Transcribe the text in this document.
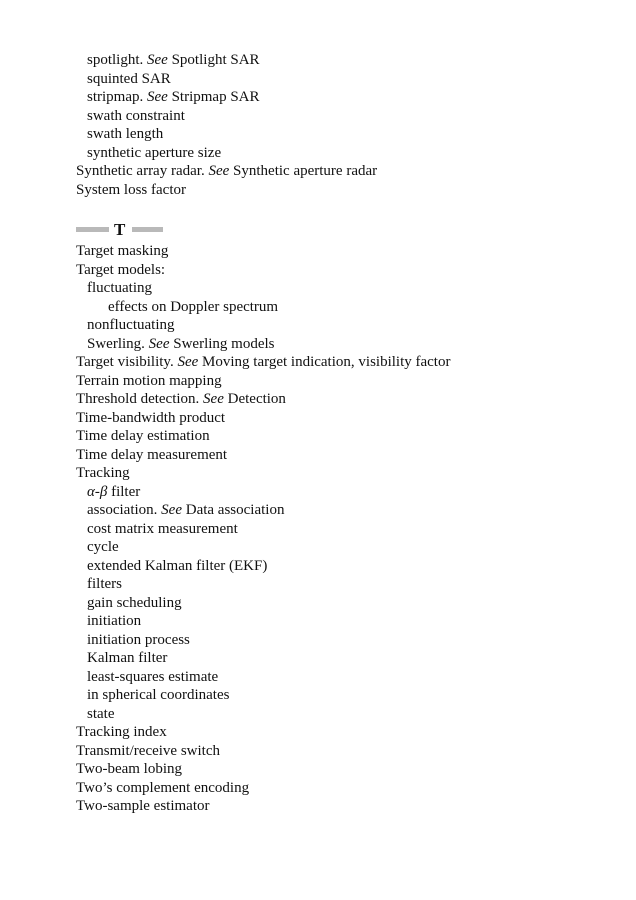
spotlight. See Spotlight SAR
squinted SAR
stripmap. See Stripmap SAR
swath constraint
swath length
synthetic aperture size
Synthetic array radar. See Synthetic aperture radar
System loss factor
T
Target masking
Target models:
fluctuating
effects on Doppler spectrum
nonfluctuating
Swerling. See Swerling models
Target visibility. See Moving target indication, visibility factor
Terrain motion mapping
Threshold detection. See Detection
Time-bandwidth product
Time delay estimation
Time delay measurement
Tracking
α-β filter
association. See Data association
cost matrix measurement
cycle
extended Kalman filter (EKF)
filters
gain scheduling
initiation
initiation process
Kalman filter
least-squares estimate
in spherical coordinates
state
Tracking index
Transmit/receive switch
Two-beam lobing
Two’s complement encoding
Two-sample estimator
